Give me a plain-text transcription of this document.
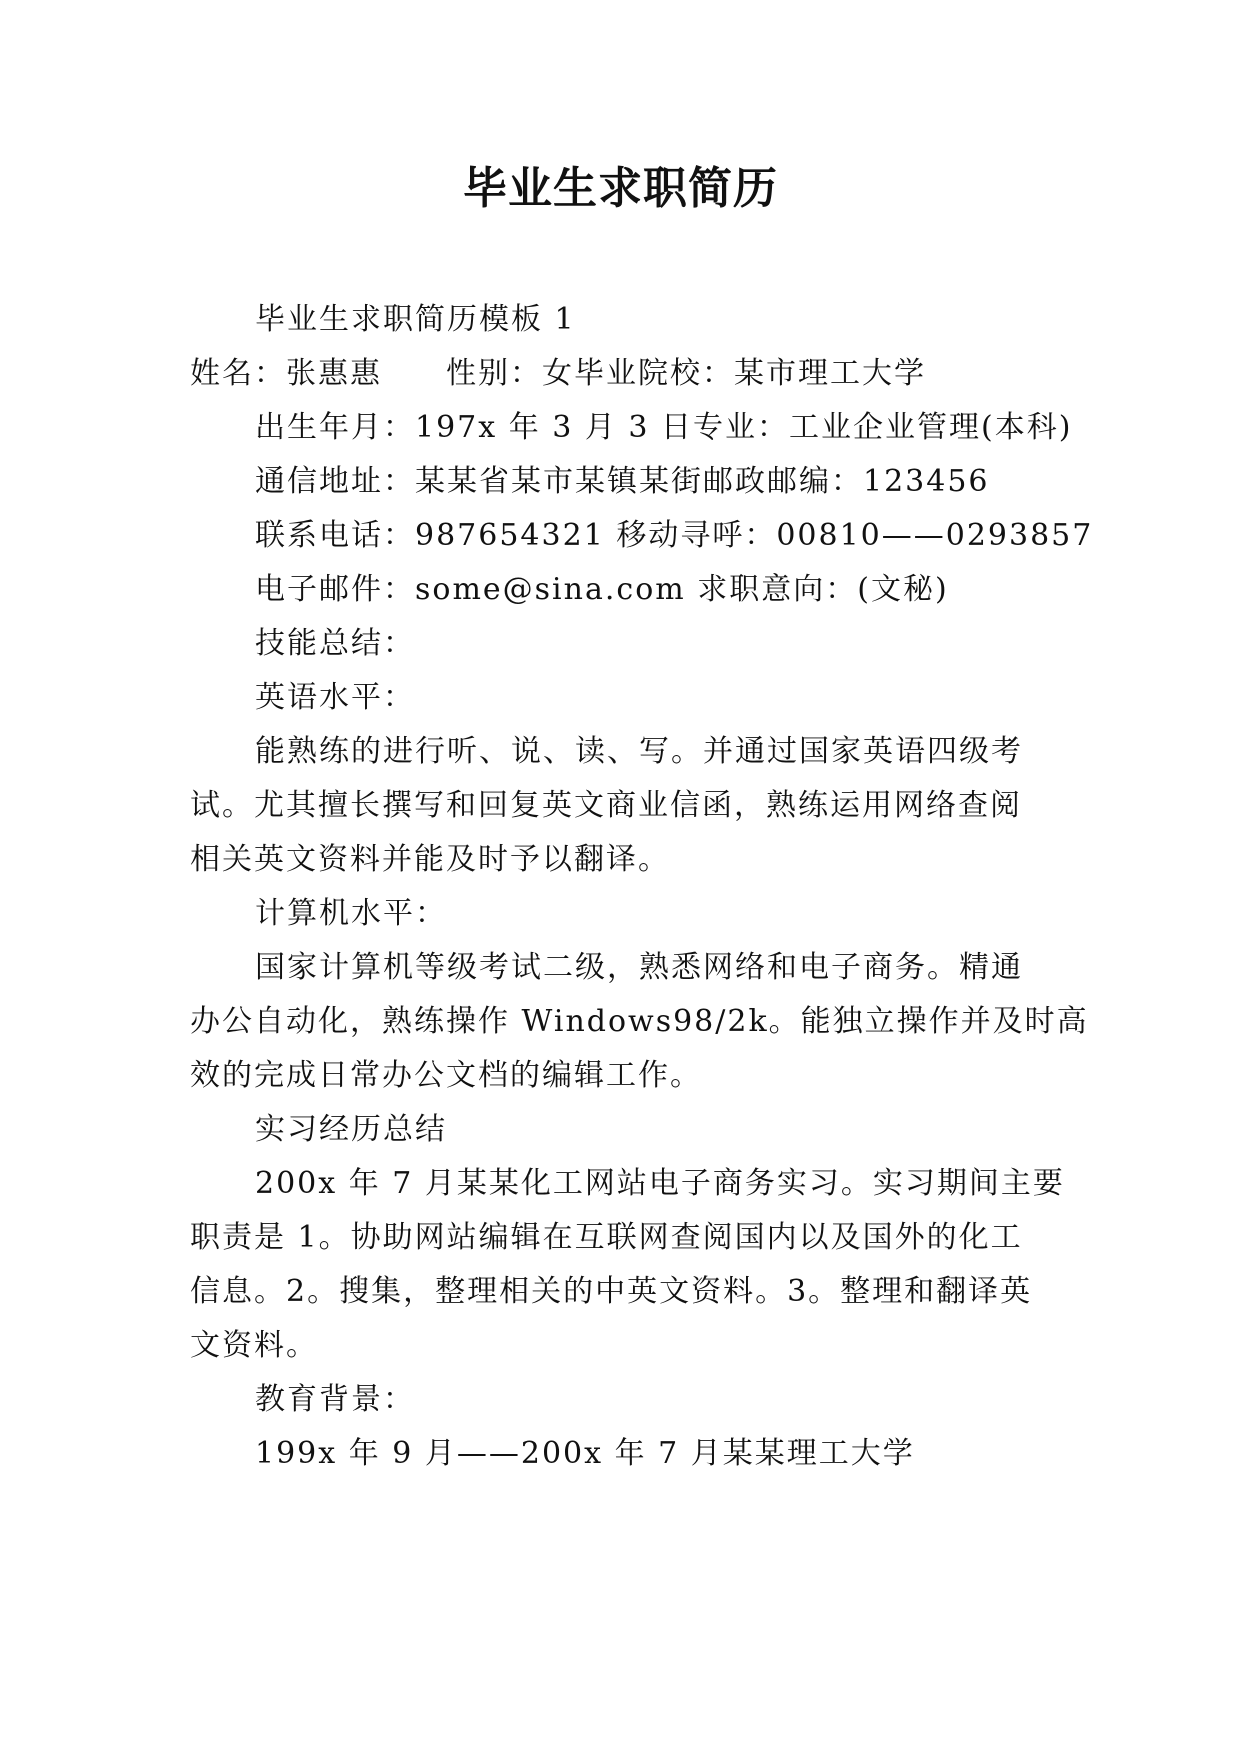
毕业生求职简历
毕业生求职简历模板 1
姓名：张惠惠 性别：女毕业院校：某市理工大学
出生年月：197x 年 3 月 3 日专业：工业企业管理(本科)
通信地址：某某省某市某镇某街邮政邮编：123456
联系电话：987654321 移动寻呼：00810——0293857
电子邮件：some@sina.com 求职意向：(文秘)
技能总结：
英语水平：
能熟练的进行听、说、读、写。并通过国家英语四级考
试。尤其擅长撰写和回复英文商业信函，熟练运用网络查阅
相关英文资料并能及时予以翻译。
计算机水平：
国家计算机等级考试二级，熟悉网络和电子商务。精通
办公自动化，熟练操作 Windows98/2k。能独立操作并及时高
效的完成日常办公文档的编辑工作。
实习经历总结
200x 年 7 月某某化工网站电子商务实习。实习期间主要
职责是 1。协助网站编辑在互联网查阅国内以及国外的化工
信息。2。搜集，整理相关的中英文资料。3。整理和翻译英
文资料。
教育背景：
199x 年 9 月——200x 年 7 月某某理工大学
